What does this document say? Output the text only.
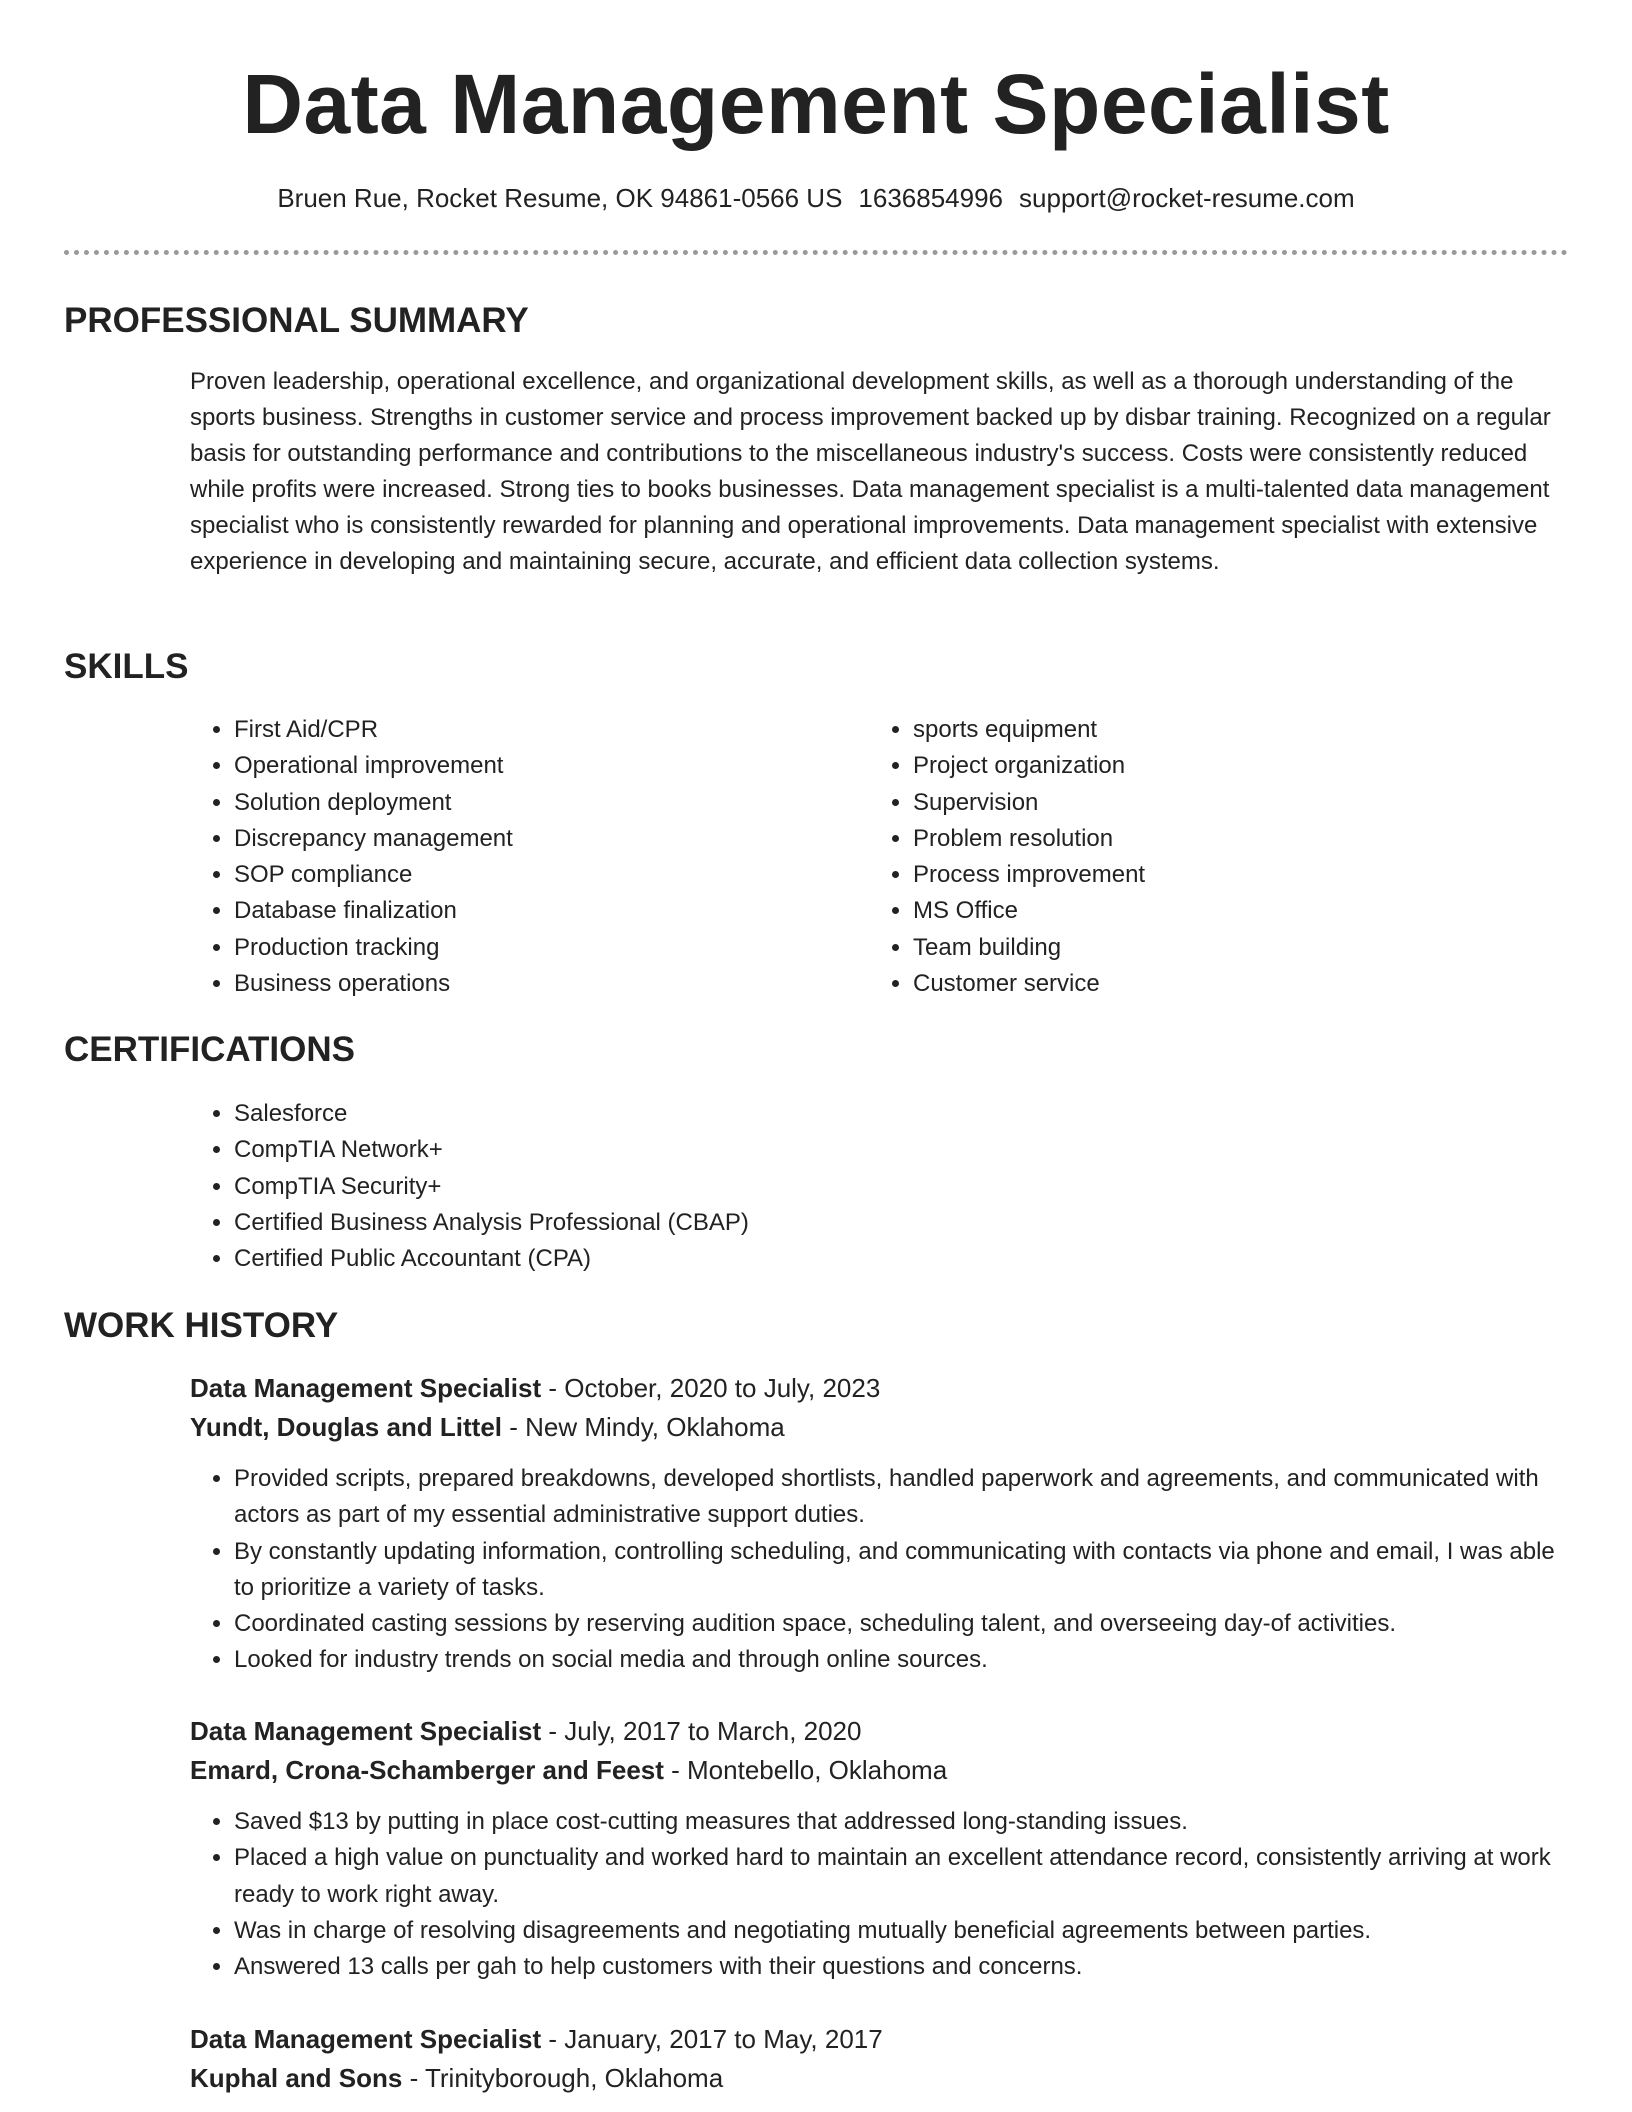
Data Management Specialist
Bruen Rue, Rocket Resume, OK 94861-0566 US 1636854996 support@rocket-resume.com
PROFESSIONAL SUMMARY

Proven leadership, operational excellence, and organizational development skills, as well as a thorough understanding of the sports business. Strengths in customer service and process improvement backed up by disbar training. Recognized on a regular basis for outstanding performance and contributions to the miscellaneous industry's success. Costs were consistently reduced while profits were increased. Strong ties to books businesses. Data management specialist is a multi-talented data management specialist who is consistently rewarded for planning and operational improvements. Data management specialist with extensive experience in developing and maintaining secure, accurate, and efficient data collection systems.

SKILLS
• First Aid/CPR
• Operational improvement
• Solution deployment
• Discrepancy management
• SOP compliance
• Database finalization
• Production tracking
• Business operations
• sports equipment
• Project organization
• Supervision
• Problem resolution
• Process improvement
• MS Office
• Team building
• Customer service
CERTIFICATIONS
• Salesforce
• CompTIA Network+
• CompTIA Security+
• Certified Business Analysis Professional (CBAP)
• Certified Public Accountant (CPA)
WORK HISTORY
Data Management Specialist - October, 2020 to July, 2023
Yundt, Douglas and Littel - New Mindy, Oklahoma
• Provided scripts, prepared breakdowns, developed shortlists, handled paperwork and agreements, and communicated with actors as part of my essential administrative support duties.
• By constantly updating information, controlling scheduling, and communicating with contacts via phone and email, I was able to prioritize a variety of tasks.
• Coordinated casting sessions by reserving audition space, scheduling talent, and overseeing day-of activities.
• Looked for industry trends on social media and through online sources.
Data Management Specialist - July, 2017 to March, 2020
Emard, Crona-Schamberger and Feest - Montebello, Oklahoma
• Saved $13 by putting in place cost-cutting measures that addressed long-standing issues.
• Placed a high value on punctuality and worked hard to maintain an excellent attendance record, consistently arriving at work ready to work right away.
• Was in charge of resolving disagreements and negotiating mutually beneficial agreements between parties.
• Answered 13 calls per gah to help customers with their questions and concerns.
Data Management Specialist - January, 2017 to May, 2017
Kuphal and Sons - Trinityborough, Oklahoma
